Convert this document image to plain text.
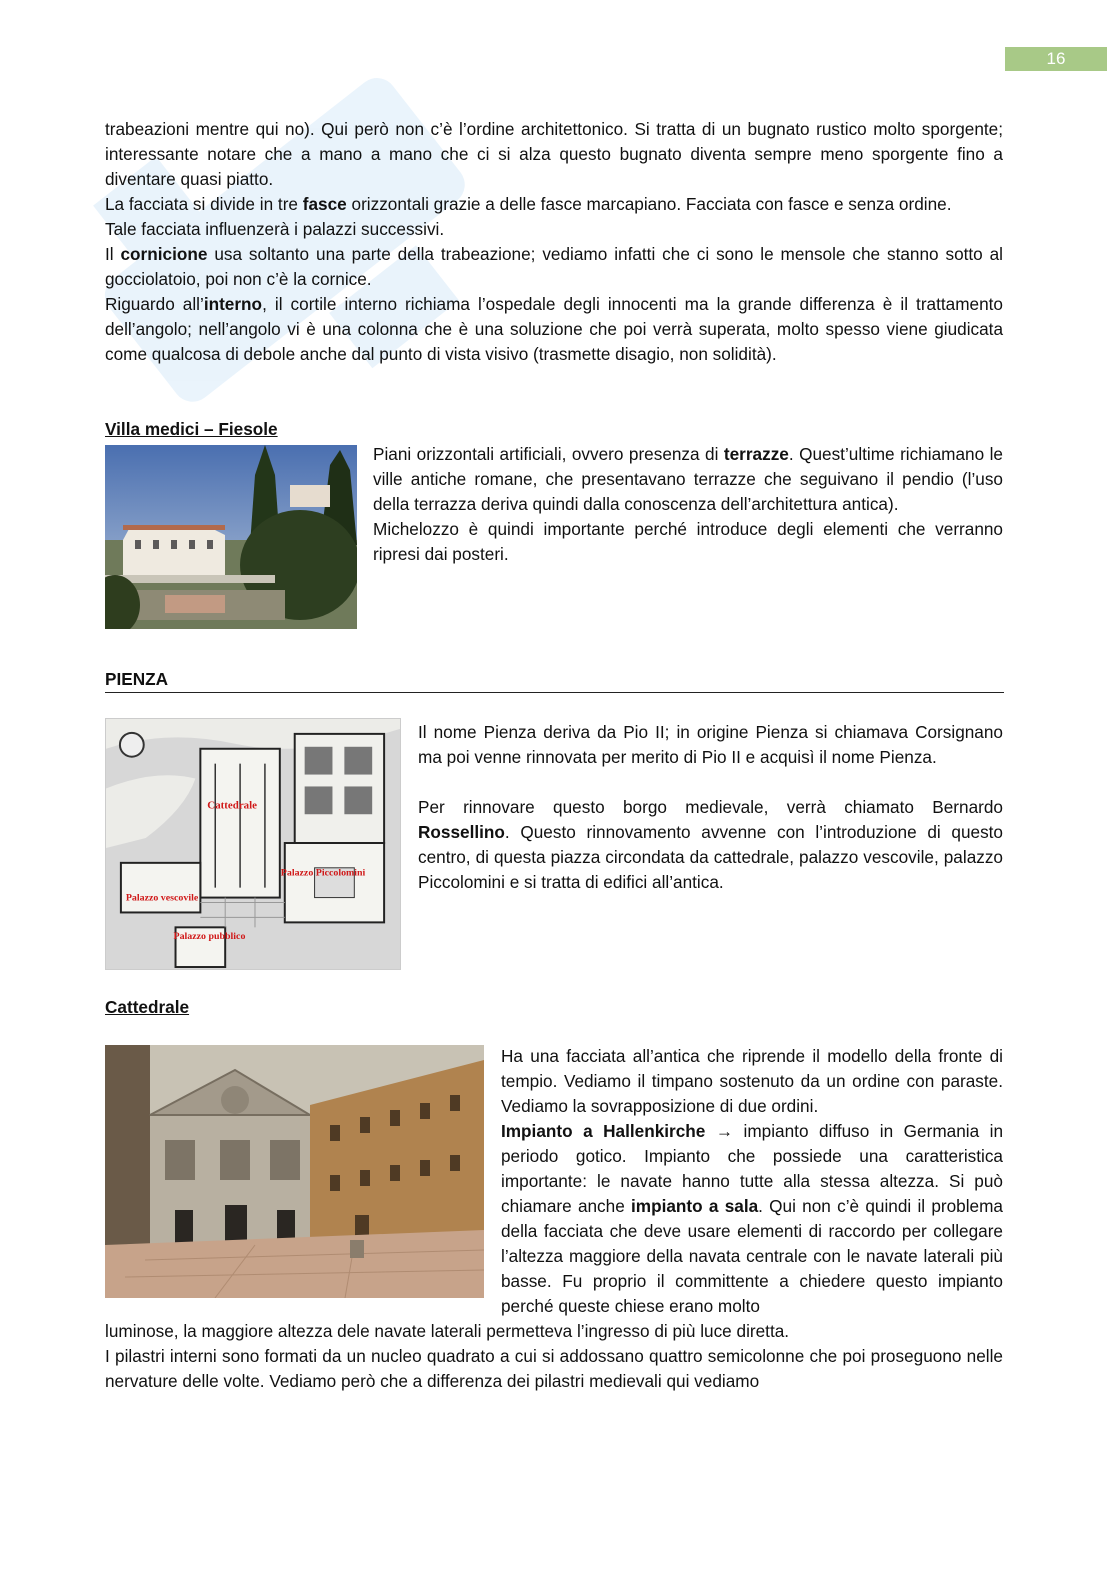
16

trabeazioni mentre qui no). Qui però non c’è l’ordine architettonico. Si tratta di un bugnato rustico molto sporgente; interessante notare che a mano a mano che ci si alza questo bugnato diventa sempre meno sporgente fino a diventare quasi piatto.

La facciata si divide in tre fasce orizzontali grazie a delle fasce marcapiano. Facciata con fasce e senza ordine.

Tale facciata influenzerà i palazzi successivi.

Il cornicione usa soltanto una parte della trabeazione; vediamo infatti che ci sono le mensole che stanno sotto al gocciolatoio, poi non c’è la cornice.

Riguardo all’interno, il cortile interno richiama l’ospedale degli innocenti ma la grande differenza è il trattamento dell’angolo; nell’angolo vi è una colonna che è una soluzione che poi verrà superata, molto spesso viene giudicata come qualcosa di debole anche dal punto di vista visivo (trasmette disagio, non solidità).

Villa medici – Fiesole

Piani orizzontali artificiali, ovvero presenza di terrazze. Quest’ultime richiamano le ville antiche romane, che presentavano terrazze che seguivano il pendio (l’uso della terrazza deriva quindi dalla conoscenza dell’architettura antica).

Michelozzo è quindi importante perché introduce degli elementi che verranno ripresi dai posteri.

PIENZA
Cattedrale
Palazzo Piccolomini
Palazzo vescovile
Palazzo pubblico

Il nome Pienza deriva da Pio II; in origine Pienza si chiamava Corsignano ma poi venne rinnovata per merito di Pio II e acquisì il nome Pienza.

Per rinnovare questo borgo medievale, verrà chiamato Bernardo Rossellino. Questo rinnovamento avvenne con l’introduzione di questo centro, di questa piazza circondata da cattedrale, palazzo vescovile, palazzo Piccolomini e si tratta di edifici all’antica.

Cattedrale

Ha una facciata all’antica che riprende il modello della fronte di tempio. Vediamo il timpano sostenuto da un ordine con paraste. Vediamo la sovrapposizione di due ordini.

Impianto a Hallenkirche → impianto diffuso in Germania in periodo gotico. Impianto che possiede una caratteristica importante: le navate hanno tutte alla stessa altezza. Si può chiamare anche impianto a sala. Qui non c’è quindi il problema della facciata che deve usare elementi di raccordo per collegare l’altezza maggiore della navata centrale con le navate laterali più basse. Fu proprio il committente a chiedere questo impianto perché queste chiese erano molto

luminose, la maggiore altezza dele navate laterali permetteva l’ingresso di più luce diretta.

I pilastri interni sono formati da un nucleo quadrato a cui si addossano quattro semicolonne che poi proseguono nelle nervature delle volte. Vediamo però che a differenza dei pilastri medievali qui vediamo
